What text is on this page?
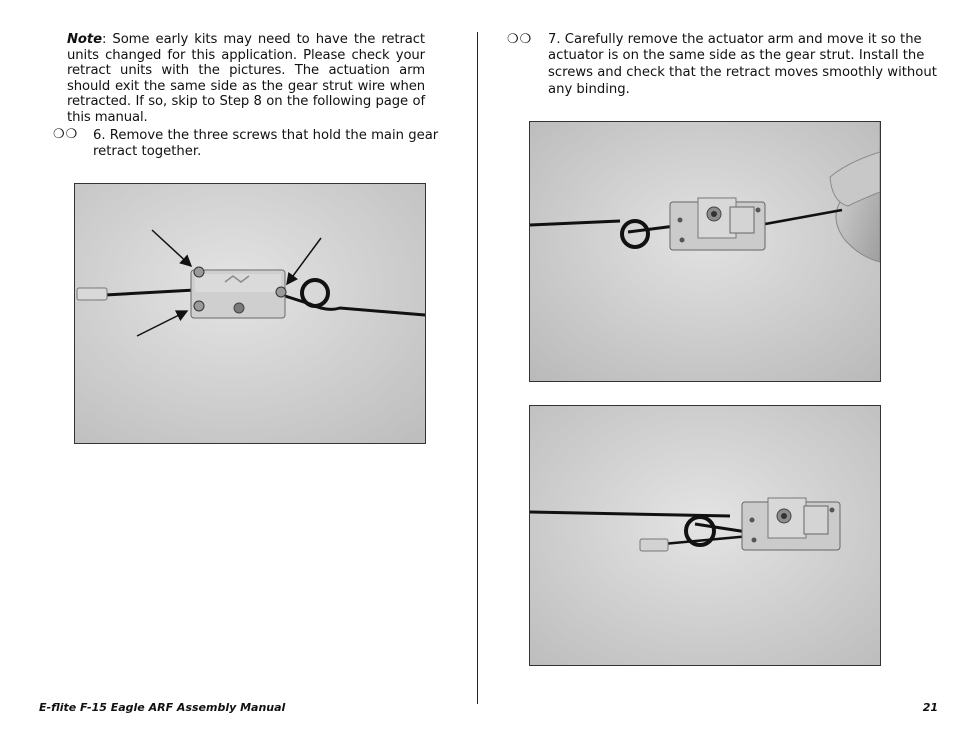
Note: Some early kits may need to have the retract units changed for this application. Please check your retract units with the pictures. The actuation arm should exit the same side as the gear strut wire when retracted. If so, skip to Step 8 on the following page of this manual.
❍❍ 6. Remove the three screws that hold the main gear
retract together.
❍❍ 7. Carefully remove the actuator arm and move it so the
actuator is on the same side as the gear strut. Install the
screws and check that the retract moves smoothly without
any binding.
E-flite F-15 Eagle ARF Assembly Manual	21
